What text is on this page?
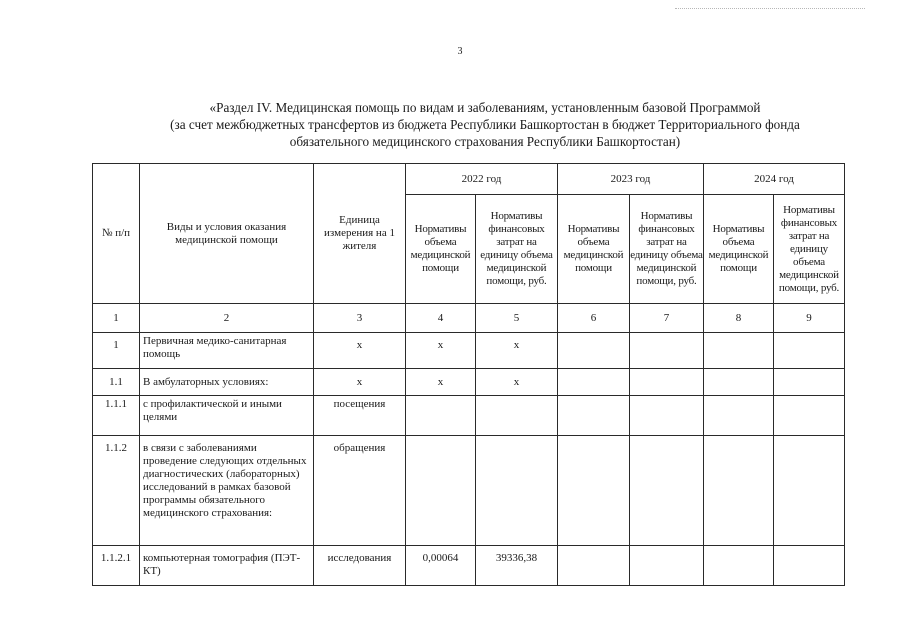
3
«Раздел IV. Медицинская помощь по видам и заболеваниям, установленным базовой Программой
(за счет межбюджетных трансфертов из бюджета Республики Башкортостан в бюджет Территориального фонда
обязательного медицинского страхования Республики Башкортостан)
№ п/п	Виды и условия оказания медицинской помощи	Единица измерения на 1 жителя	2022 год		2023 год		2024 год	
			Нормативы объема медицинской помощи	Нормативы финансовых затрат на единицу объема медицинской помощи, руб.	Нормативы объема медицинской помощи	Нормативы финансовых затрат на единицу объема медицинской помощи, руб.	Нормативы объема медицинской помощи	Нормативы финансовых затрат на единицу объема медицинской помощи, руб.
1	2	3	4	5	6	7	8	9
1	Первичная медико-санитарная помощь	х	х	х				
1.1	В амбулаторных условиях:	х	х	х				
1.1.1	с профилактической и иными целями	посещения						
1.1.2	в связи с заболеваниями проведение следующих отдельных диагностических (лабораторных) исследований в рамках базовой программы обязательного медицинского страхования:	обращения						
1.1.2.1	компьютерная томография (ПЭТ-КТ)	исследования	0,00064	39336,38				
